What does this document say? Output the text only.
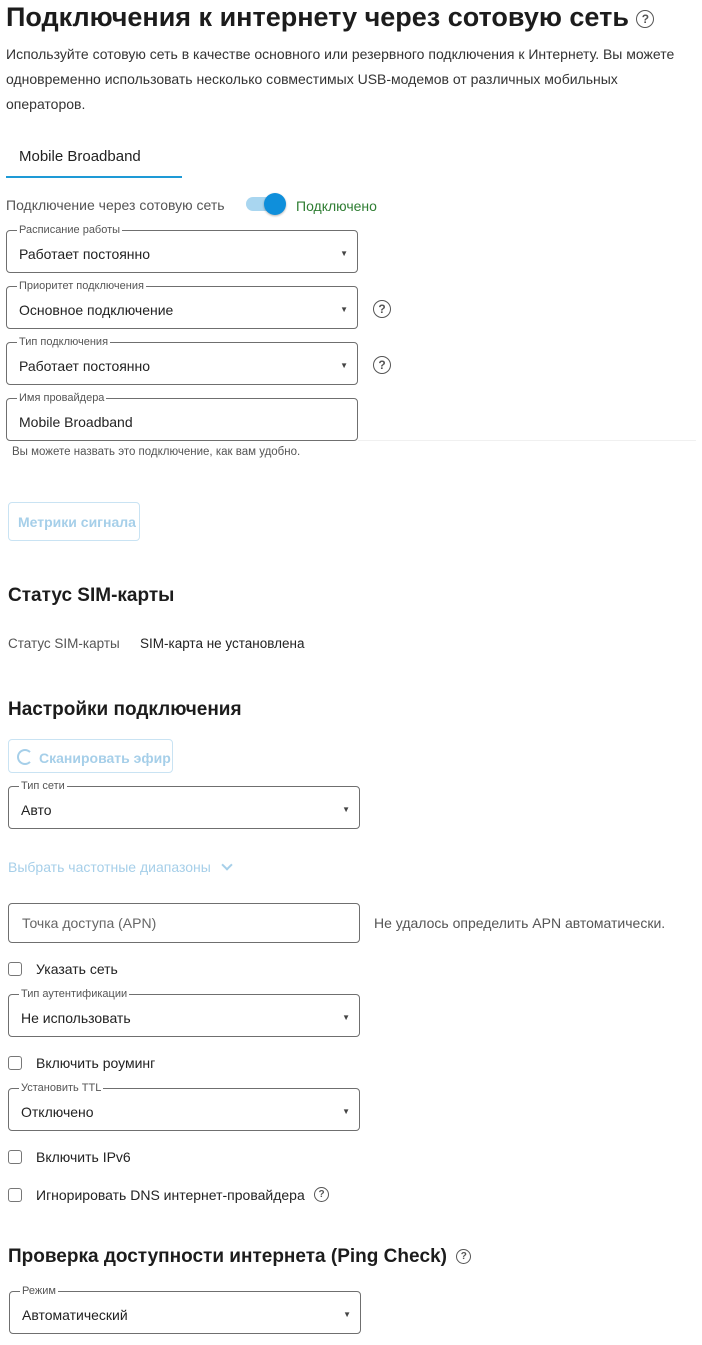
Подключения к интернету через сотовую сеть ?
Используйте сотовую сеть в качестве основного или резервного подключения к Интернету. Вы можете одновременно использовать несколько совместимых USB-модемов от различных мобильных операторов.
Mobile Broadband
Подключение через сотовую сеть	Подключено
Расписание работы
Работает постоянно	▼
Приоритет подключения
Основное подключение	▼	?
Тип подключения
Работает постоянно	▼	?
Имя провайдера
Mobile Broadband
Вы можете назвать это подключение, как вам удобно.
Метрики сигнала
Статус SIM-карты
Статус SIM-карты SIM-карта не установлена
Настройки подключения
Сканировать эфир
Тип сети
Авто	▼
Выбрать частотные диапазоны
Точка доступа (APN)	Не удалось определить APN автоматически.
Указать сеть
Тип аутентификации
Не использовать	▼
Включить роуминг
Установить TTL
Отключено	▼
Включить IPv6
Игнорировать DNS интернет-провайдера	?
Проверка доступности интернета (Ping Check) ?
Режим
Автоматический	▼
